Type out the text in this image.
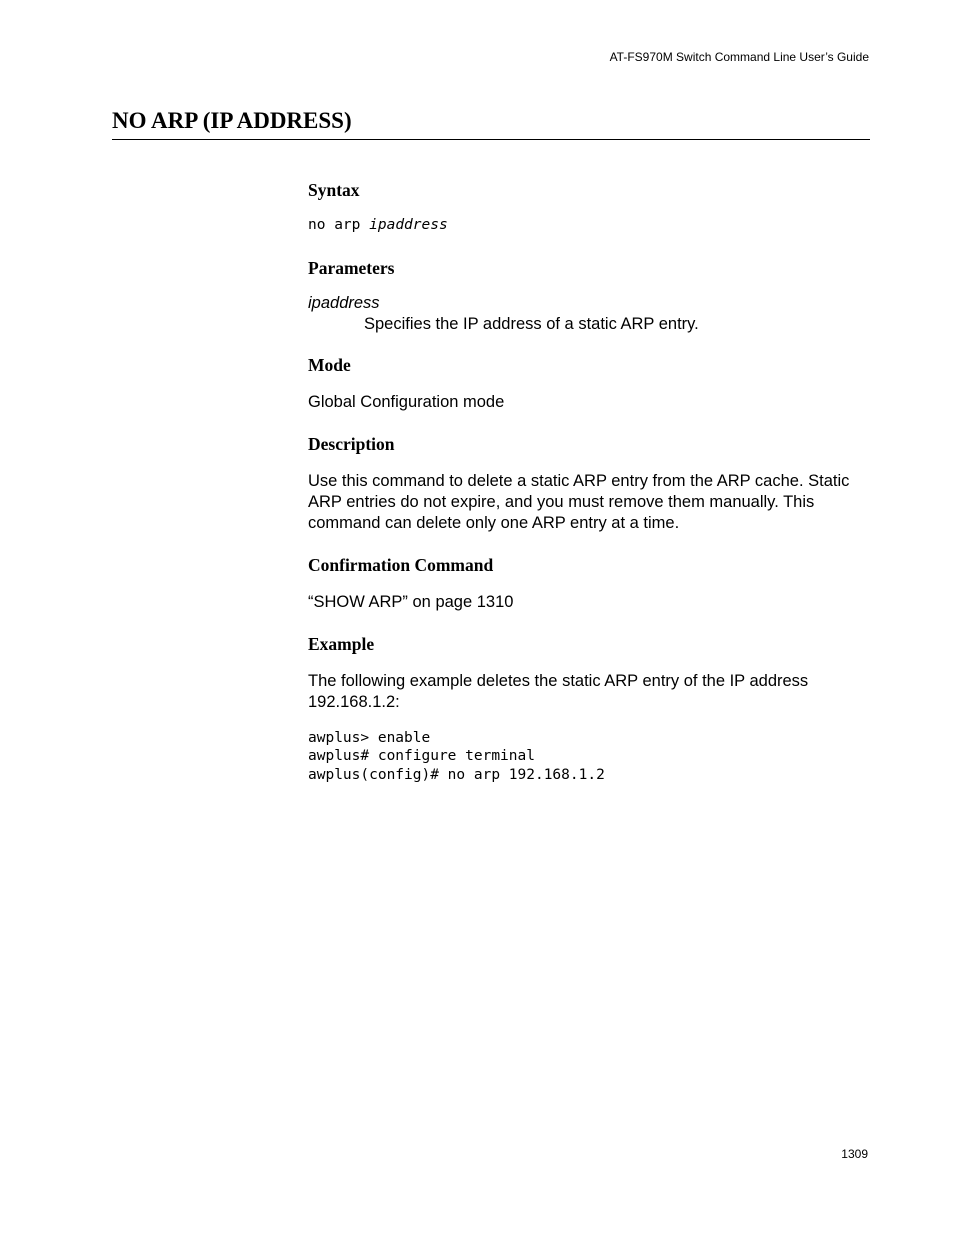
AT-FS970M Switch Command Line User’s Guide
NO ARP (IP ADDRESS)
Syntax
no arp ipaddress
Parameters
ipaddress
Specifies the IP address of a static ARP entry.
Mode
Global Configuration mode
Description
Use this command to delete a static ARP entry from the ARP cache. Static
ARP entries do not expire, and you must remove them manually. This
command can delete only one ARP entry at a time.
Confirmation Command
“SHOW ARP” on page 1310
Example
The following example deletes the static ARP entry of the IP address
192.168.1.2:
awplus> enable
awplus# configure terminal
awplus(config)# no arp 192.168.1.2
1309
